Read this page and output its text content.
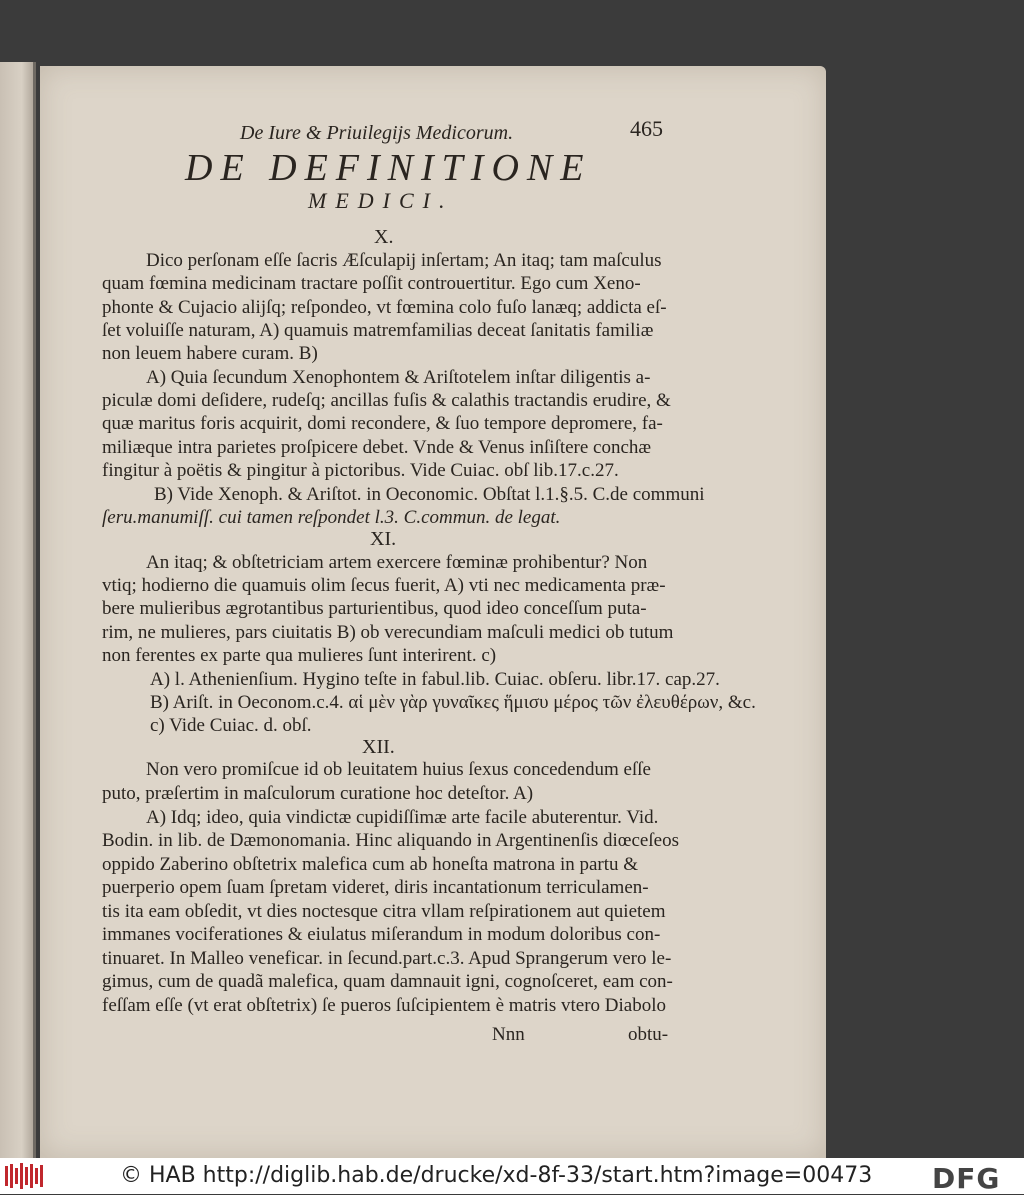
De Iure & Priuilegijs Medicorum.	465
DE DEFINITIONE
MEDICI.
X.
Dico perſonam eſſe ſacris Æſculapij inſertam; An itaq; tam maſculus
quam fœmina medicinam tractare poſſit controuertitur. Ego cum Xeno-
phonte & Cujacio alijſq; reſpondeo, vt fœmina colo fuſo lanæq; addicta eſ-
ſet voluiſſe naturam, A) quamuis matremfamilias deceat ſanitatis familiæ
non leuem habere curam. B)
A) Quia ſecundum Xenophontem & Ariſtotelem inſtar diligentis a-
piculæ domi deſidere, rudeſq; ancillas fuſis & calathis tractandis erudire, &
quæ maritus foris acquirit, domi recondere, & ſuo tempore depromere, fa-
miliæque intra parietes proſpicere debet. Vnde & Venus inſiſtere conchæ
fingitur à poëtis & pingitur à pictoribus. Vide Cuiac. obſ lib.17.c.27.
B) Vide Xenoph. & Ariſtot. in Oeconomic. Obſtat l.1.§.5. C.de communi
ſeru.manumiſſ. cui tamen reſpondet l.3. C.commun. de legat.
XI.
An itaq; & obſtetriciam artem exercere fœminæ prohibentur? Non
vtiq; hodierno die quamuis olim ſecus fuerit, A) vti nec medicamenta præ-
bere mulieribus ægrotantibus parturientibus, quod ideo conceſſum puta-
rim, ne mulieres, pars ciuitatis B) ob verecundiam maſculi medici ob tutum
non ferentes ex parte qua mulieres ſunt interirent. c)
A) l. Athenienſium. Hygino teſte in fabul.lib. Cuiac. obſeru. libr.17. cap.27.
B) Ariſt. in Oeconom.c.4. αἱ μὲν γὰρ γυναῖκες ἥμισυ μέρος τῶν ἐλευθέρων, &c.
c) Vide Cuiac. d. obſ.
XII.
Non vero promiſcue id ob leuitatem huius ſexus concedendum eſſe
puto, præſertim in maſculorum curatione hoc deteſtor. A)
A) Idq; ideo, quia vindictæ cupidiſſimæ arte facile abuterentur. Vid.
Bodin. in lib. de Dæmonomania. Hinc aliquando in Argentinenſis diœceſeos
oppido Zaberino obſtetrix malefica cum ab honeſta matrona in partu &
puerperio opem ſuam ſpretam videret, diris incantationum terriculamen-
tis ita eam obſedit, vt dies noctesque citra vllam reſpirationem aut quietem
immanes vociferationes & eiulatus miſerandum in modum doloribus con-
tinuaret. In Malleo veneficar. in ſecund.part.c.3. Apud Sprangerum vero le-
gimus, cum de quadã malefica, quam damnauit igni, cognoſceret, eam con-
feſſam eſſe (vt erat obſtetrix) ſe pueros ſuſcipientem è matris vtero Diabolo
Nnn	obtu-
© HAB http://diglib.hab.de/drucke/xd-8f-33/start.htm?image=00473 DFG
